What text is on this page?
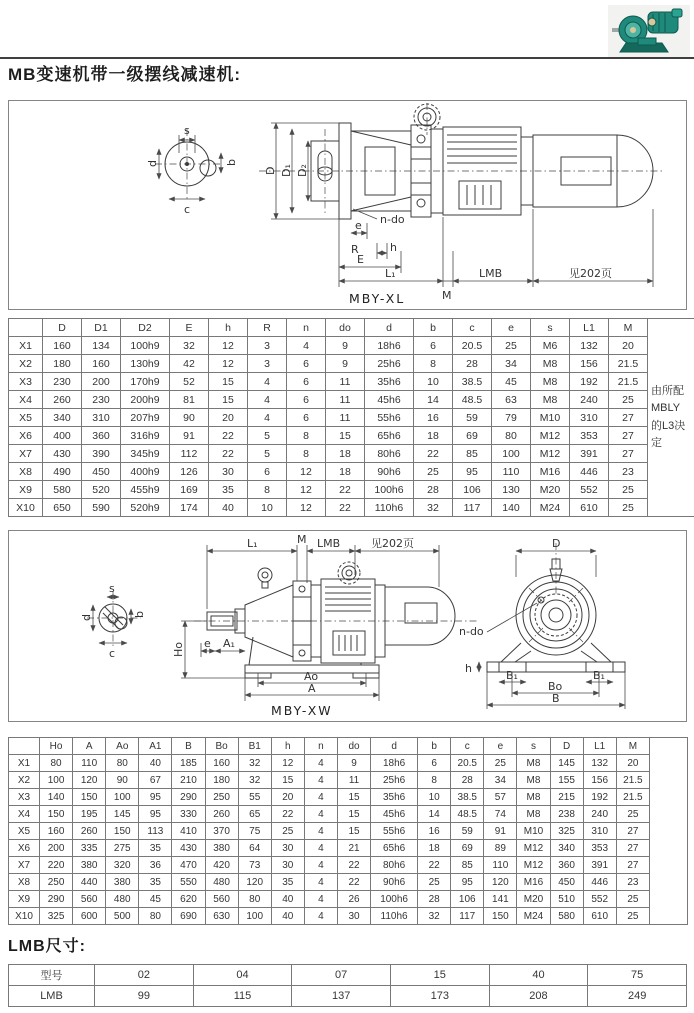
MB变速机带一级摆线减速机:
s
b
d
c
D D₁ D₂
n-do
e
R	h
E
L₁
M
LMB	见202页
MBY-XL
	D	D1	D2	E	h	R	n	do	d	b	c	e	s	L1	M
X1	160	134	100h9	32	12	3	4	9	18h6	6	20.5	25	M6	132	20
X2	180	160	130h9	42	12	3	6	9	25h6	8	28	34	M8	156	21.5
X3	230	200	170h9	52	15	4	6	11	35h6	10	38.5	45	M8	192	21.5
X4	260	230	200h9	81	15	4	6	11	45h6	14	48.5	63	M8	240	25
X5	340	310	207h9	90	20	4	6	11	55h6	16	59	79	M10	310	27
X6	400	360	316h9	91	22	5	8	15	65h6	18	69	80	M12	353	27
X7	430	390	345h9	112	22	5	8	18	80h6	22	85	100	M12	391	27
X8	490	450	400h9	126	30	6	12	18	90h6	25	95	110	M16	446	23
X9	580	520	455h9	169	35	8	12	22	100h6	28	106	130	M20	552	25
X10	650	590	520h9	174	40	10	12	22	110h6	32	117	140	M24	610	25
由所配MBLY的L3决定
s
b
d
c
L₁	M LMB	见202页
Ho e A₁
Ao
A
MBY-XW
D
n-do
h
B₁	B₁
Bo
B
	Ho	A	Ao	A1	B	Bo	B1	h	n	do	d	b	c	e	s	D	L1	M
X1	80	110	80	40	185	160	32	12	4	9	18h6	6	20.5	25	M8	145	132	20
X2	100	120	90	67	210	180	32	15	4	11	25h6	8	28	34	M8	155	156	21.5
X3	140	150	100	95	290	250	55	20	4	15	35h6	10	38.5	57	M8	215	192	21.5
X4	150	195	145	95	330	260	65	22	4	15	45h6	14	48.5	74	M8	238	240	25
X5	160	260	150	113	410	370	75	25	4	15	55h6	16	59	91	M10	325	310	27
X6	200	335	275	35	430	380	64	30	4	21	65h6	18	69	89	M12	340	353	27
X7	220	380	320	36	470	420	73	30	4	22	80h6	22	85	110	M12	360	391	27
X8	250	440	380	35	550	480	120	35	4	22	90h6	25	95	120	M16	450	446	23
X9	290	560	480	45	620	560	80	40	4	26	100h6	28	106	141	M20	510	552	25
X10	325	600	500	80	690	630	100	40	4	30	110h6	32	117	150	M24	580	610	25
LMB尺寸:
型号	02	04	07	15	40	75
LMB	99	115	137	173	208	249
